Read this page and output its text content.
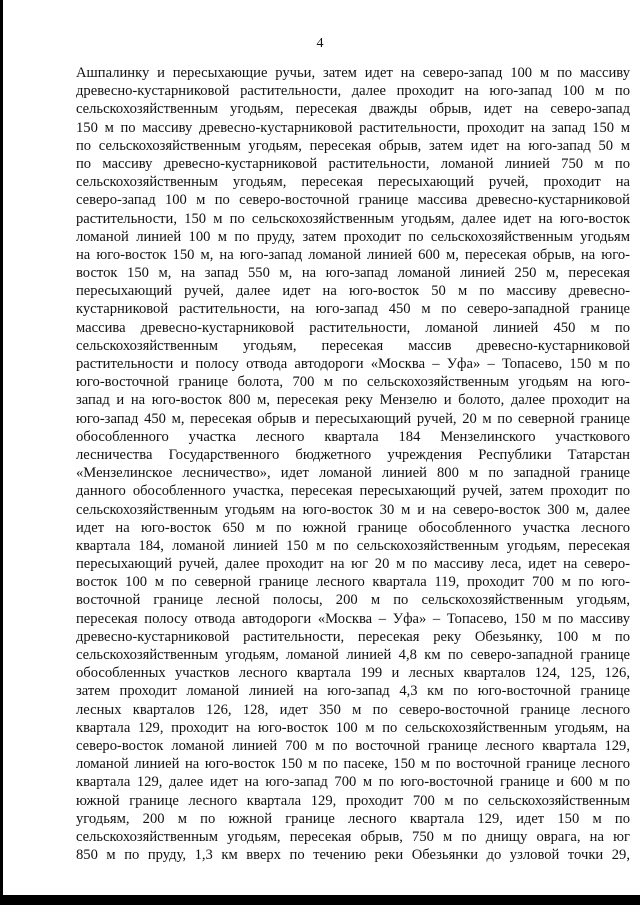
4
Ашпалинку и пересыхающие ручьи, затем идет на северо-запад 100 м по массиву
древесно-кустарниковой растительности, далее проходит на юго-запад 100 м по
сельскохозяйственным угодьям, пересекая дважды обрыв, идет на северо-запад
150 м по массиву древесно-кустарниковой растительности, проходит на запад 150 м
по сельскохозяйственным угодьям, пересекая обрыв, затем идет на юго-запад 50 м
по массиву древесно-кустарниковой растительности, ломаной линией 750 м по
сельскохозяйственным угодьям, пересекая пересыхающий ручей, проходит на
северо-запад 100 м по северо-восточной границе массива древесно-кустарниковой
растительности, 150 м по сельскохозяйственным угодьям, далее идет на юго-восток
ломаной линией 100 м по пруду, затем проходит по сельскохозяйственным угодьям
на юго-восток 150 м, на юго-запад ломаной линией 600 м, пересекая обрыв, на юго-
восток 150 м, на запад 550 м, на юго-запад ломаной линией 250 м, пересекая
пересыхающий ручей, далее идет на юго-восток 50 м по массиву древесно-
кустарниковой растительности, на юго-запад 450 м по северо-западной границе
массива древесно-кустарниковой растительности, ломаной линией 450 м по
сельскохозяйственным угодьям, пересекая массив древесно-кустарниковой
растительности и полосу отвода автодороги «Москва – Уфа» – Топасево, 150 м по
юго-восточной границе болота, 700 м по сельскохозяйственным угодьям на юго-
запад и на юго-восток 800 м, пересекая реку Мензелю и болото, далее проходит на
юго-запад 450 м, пересекая обрыв и пересыхающий ручей, 20 м по северной границе
обособленного участка лесного квартала 184 Мензелинского участкового
лесничества Государственного бюджетного учреждения Республики Татарстан
«Мензелинское лесничество», идет ломаной линией 800 м по западной границе
данного обособленного участка, пересекая пересыхающий ручей, затем проходит по
сельскохозяйственным угодьям на юго-восток 30 м и на северо-восток 300 м, далее
идет на юго-восток 650 м по южной границе обособленного участка лесного
квартала 184, ломаной линией 150 м по сельскохозяйственным угодьям, пересекая
пересыхающий ручей, далее проходит на юг 20 м по массиву леса, идет на северо-
восток 100 м по северной границе лесного квартала 119, проходит 700 м по юго-
восточной границе лесной полосы, 200 м по сельскохозяйственным угодьям,
пересекая полосу отвода автодороги «Москва – Уфа» – Топасево, 150 м по массиву
древесно-кустарниковой растительности, пересекая реку Обезьянку, 100 м по
сельскохозяйственным угодьям, ломаной линией 4,8 км по северо-западной границе
обособленных участков лесного квартала 199 и лесных кварталов 124, 125, 126,
затем проходит ломаной линией на юго-запад 4,3 км по юго-восточной границе
лесных кварталов 126, 128, идет 350 м по северо-восточной границе лесного
квартала 129, проходит на юго-восток 100 м по сельскохозяйственным угодьям, на
северо-восток ломаной линией 700 м по восточной границе лесного квартала 129,
ломаной линией на юго-восток 150 м по пасеке, 150 м по восточной границе лесного
квартала 129, далее идет на юго-запад 700 м по юго-восточной границе и 600 м по
южной границе лесного квартала 129, проходит 700 м по сельскохозяйственным
угодьям, 200 м по южной границе лесного квартала 129, идет 150 м по
сельскохозяйственным угодьям, пересекая обрыв, 750 м по днищу оврага, на юг
850 м по пруду, 1,3 км вверх по течению реки Обезьянки до узловой точки 29,
